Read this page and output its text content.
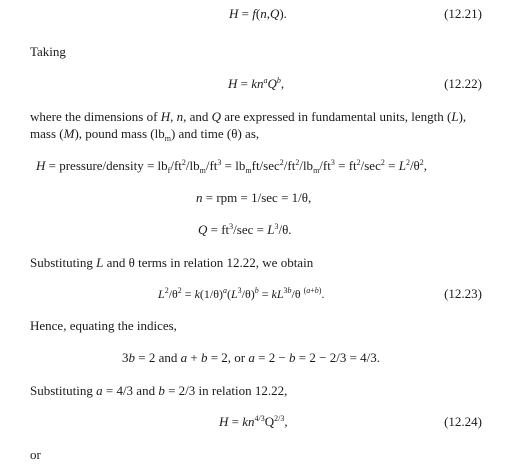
H = f(n,Q).	(12.21)
Taking
$H = kn^aQ^b$,	(12.22)
where the dimensions of H, n, and Q are expressed in fundamental units, length (L),
mass (M), pound mass $(lb_m)$ and time (θ) as,
H = pressure/density = $lb_f/ft^2/lb_m/ft^3 = lb_mft/\sec^2/ft^2/lb_m/ft^3 = ft^2/\sec^2 = L^2/\theta^2$,
n = rpm = 1/sec = 1/θ,
$Q = ft^3/\sec = L^3/\theta$.
Substituting L and θ terms in relation 12.22, we obtain
$L^2/\theta^2 = k(1/\theta)^a(L^3/\theta)^b = kL^{3b}/\theta$ $^{(a+b)}$.	(12.23)
Hence, equating the indices,
3b = 2 and a + b = 2, or a = 2 − b = 2 − 2/3 = 4/3.
Substituting a = 4/3 and b = 2/3 in relation 12.22,
$H = kn^{4/3}Q^{2/3}$,	(12.24)
or
